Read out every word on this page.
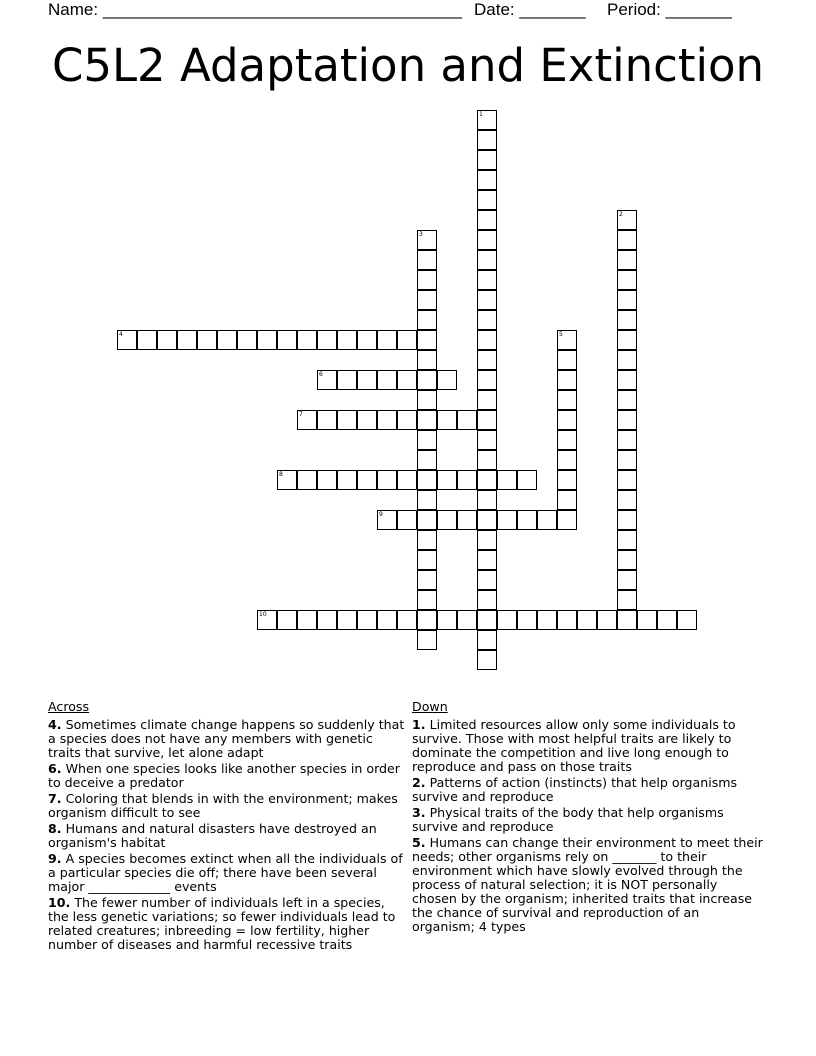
Name: ______________________________________ Date: _______ Period: _______
C5L2 Adaptation and Extinction
1
2
3
4	5
6
7
8
9
10
Across
4. Sometimes climate change happens so suddenly that a species does not have any members with genetic traits that survive, let alone adapt
6. When one species looks like another species in order to deceive a predator
7. Coloring that blends in with the environment; makes organism difficult to see
8. Humans and natural disasters have destroyed an organism's habitat
9. A species becomes extinct when all the individuals of a particular species die off; there have been several major _____________ events
10. The fewer number of individuals left in a species, the less genetic variations; so fewer individuals lead to related creatures; inbreeding = low fertility, higher number of diseases and harmful recessive traits
Down
1. Limited resources allow only some individuals to survive. Those with most helpful traits are likely to dominate the competition and live long enough to reproduce and pass on those traits
2. Patterns of action (instincts) that help organisms survive and reproduce
3. Physical traits of the body that help organisms survive and reproduce
5. Humans can change their environment to meet their needs; other organisms rely on _______ to their environment which have slowly evolved through the process of natural selection; it is NOT personally chosen by the organism; inherited traits that increase the chance of survival and reproduction of an organism; 4 types
